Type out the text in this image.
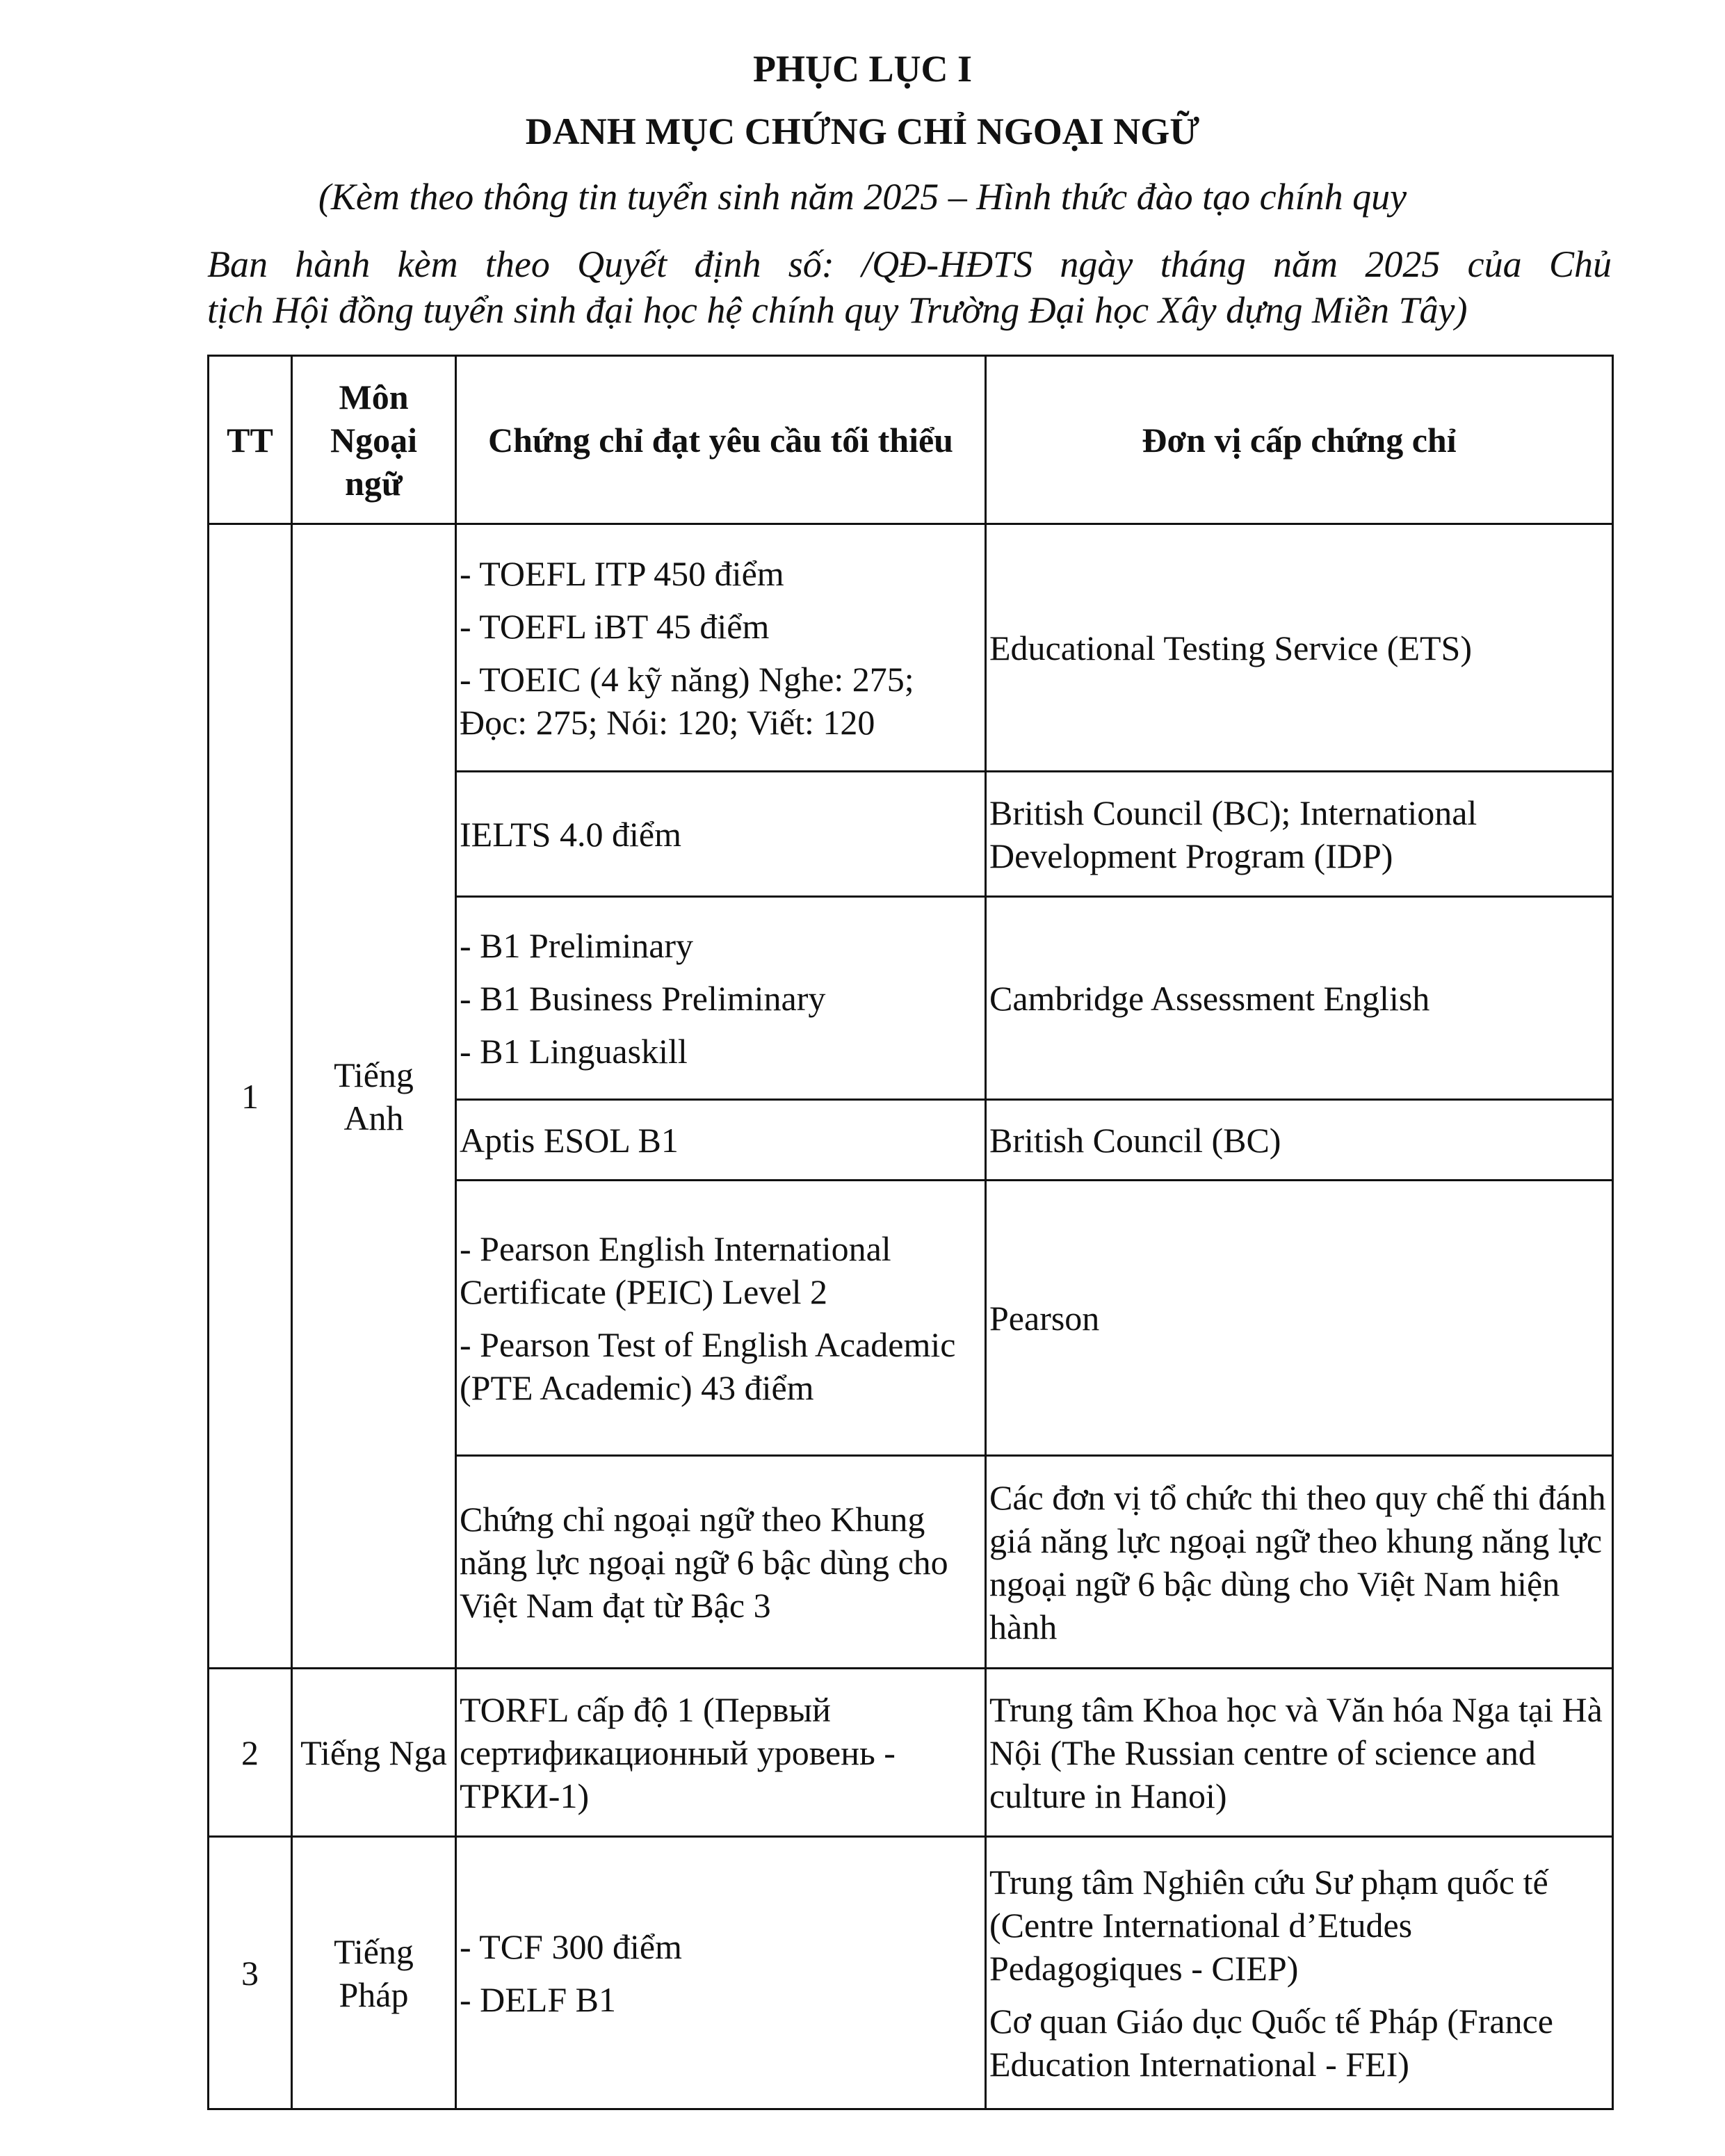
PHỤC LỤC I
DANH MỤC CHỨNG CHỈ NGOẠI NGỮ
(Kèm theo thông tin tuyển sinh năm 2025 – Hình thức đào tạo chính quy
Ban hành kèm theo Quyết định số: /QĐ-HĐTS ngày tháng năm 2025 của Chủ
tịch Hội đồng tuyển sinh đại học hệ chính quy Trường Đại học Xây dựng Miền Tây)
TT	Môn
Ngoại
ngữ	Chứng chỉ đạt yêu cầu tối thiểu	Đơn vị cấp chứng chỉ
1	Tiếng Anh	- TOEFL ITP 450 điểm
- TOEFL iBT 45 điểm
- TOEIC (4 kỹ năng) Nghe: 275; Đọc: 275; Nói: 120; Viết: 120	Educational Testing Service (ETS)

		IELTS 4.0 điểm	British Council (BC); International Development Program (IDP)

		- B1 Preliminary
- B1 Business Preliminary
- B1 Linguaskill	Cambridge Assessment English

		Aptis ESOL B1	British Council (BC)

		- Pearson English International Certificate (PEIC) Level 2
- Pearson Test of English Academic (PTE Academic) 43 điểm	Pearson

		Chứng chỉ ngoại ngữ theo Khung năng lực ngoại ngữ 6 bậc dùng cho Việt Nam đạt từ Bậc 3	Các đơn vị tổ chức thi theo quy chế thi đánh giá năng lực ngoại ngữ theo khung năng lực ngoại ngữ 6 bậc dùng cho Việt Nam hiện hành

2	Tiếng Nga	TORFL cấp độ 1 (Первый сертификационный уровень - ТРКИ-1)	Trung tâm Khoa học và Văn hóa Nga tại Hà Nội (The Russian centre of science and culture in Hanoi)

3	Tiếng Pháp	- TCF 300 điểm
- DELF B1	Trung tâm Nghiên cứu Sư phạm quốc tế (Centre International d’Etudes Pedagogiques - CIEP)
Cơ quan Giáo dục Quốc tế Pháp (France Education International - FEI)
